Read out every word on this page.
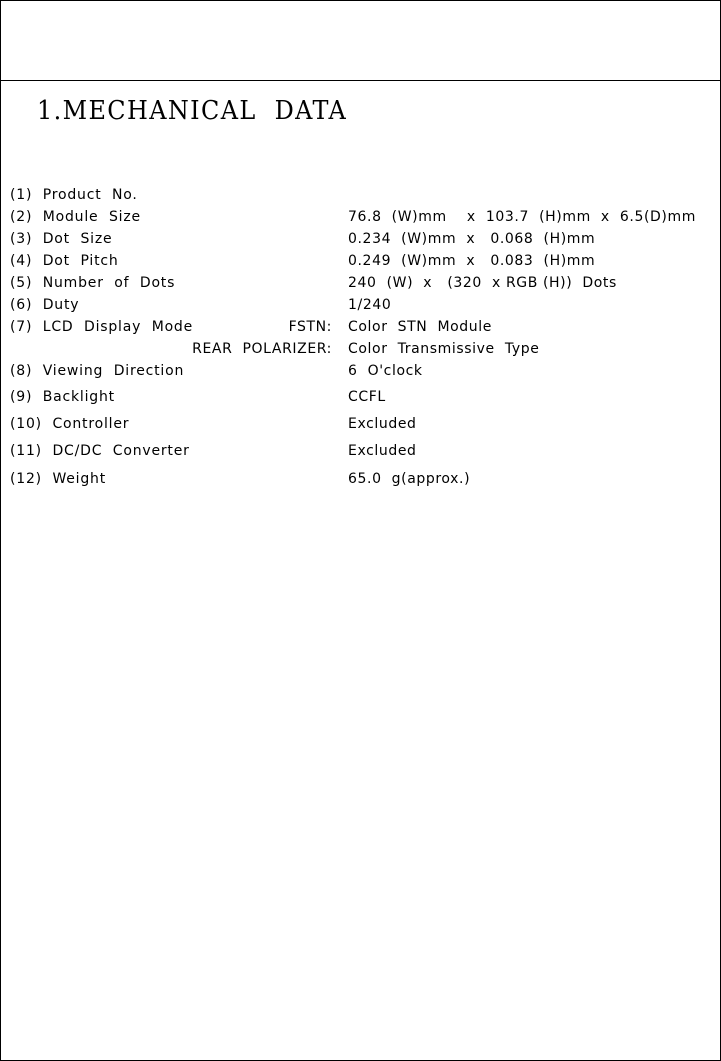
1.MECHANICAL  DATA
(1)  Product  No.
(2)  Module  Size	76.8  (W)mm    x  103.7  (H)mm  x  6.5(D)mm
(3)  Dot  Size	0.234  (W)mm  x   0.068  (H)mm
(4)  Dot  Pitch	0.249  (W)mm  x   0.083  (H)mm
(5)  Number  of  Dots	240  (W)  x   (320  x RGB (H))  Dots
(6)  Duty	1/240
(7)  LCD  Display  Mode	FSTN: Color  STN  Module
REAR  POLARIZER: Color  Transmissive  Type
(8)  Viewing  Direction	6  O'clock
(9)  Backlight	CCFL
(10)  Controller	Excluded
(11)  DC/DC  Converter	Excluded
(12)  Weight	65.0  g(approx.)
